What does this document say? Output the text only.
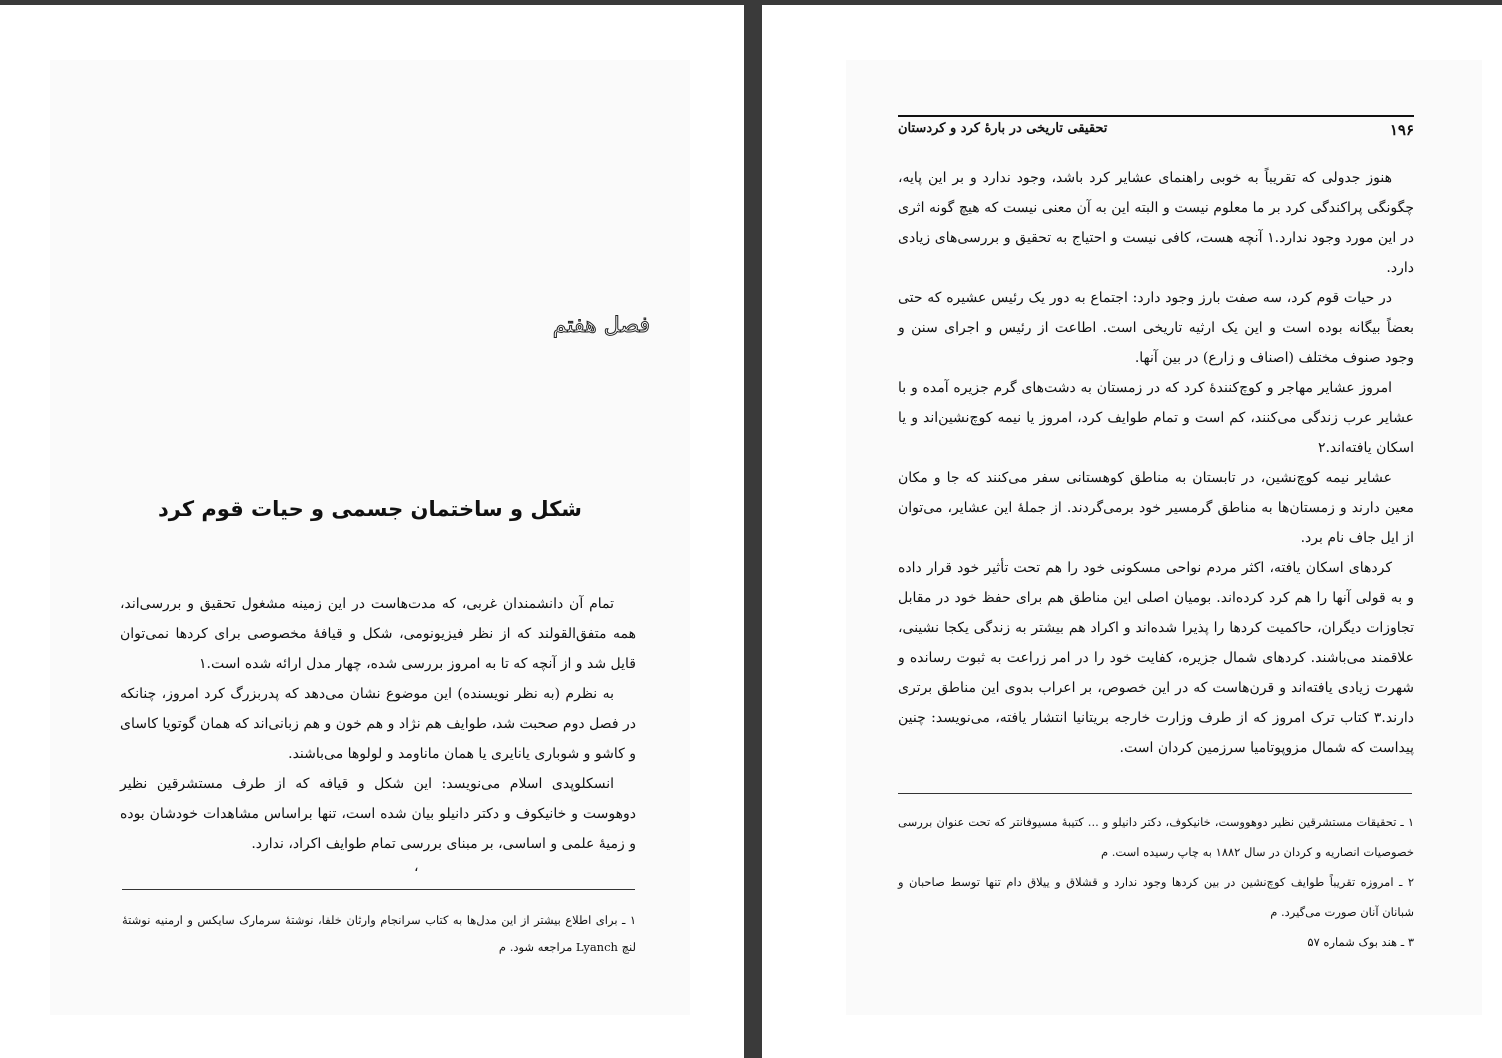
فصل هفتم
شکل و ساختمان جسمی و حیات قوم کرد

تمام آن دانشمندان غربی، که مدت‌هاست در این زمینه مشغول تحقیق و بررسی‌اند، همه متفق‌القولند که از نظر فیزیونومی، شکل و قیافهٔ مخصوصی برای کردها نمی‌توان قایل شد و از آنچه که تا به امروز بررسی شده، چهار مدل ارائه شده است.۱

به نظرم (به نظر نویسنده) این موضوع نشان می‌دهد که پدربزرگ کرد امروز، چنانکه در فصل دوم صحبت شد، طوایف هم نژاد و هم خون و هم زبانی‌اند که همان گوتویا کاسای و کاشو و شوباری یانایری یا همان ماناومد و لولوها می‌باشند.

انسکلوپدی اسلام می‌نویسد: این شکل و قیافه که از طرف مستشرقین نظیر دوهوست و خانیکوف و دکتر دانیلو بیان شده است، تنها براساس مشاهدات خودشان بوده و زمیهٔ علمی و اساسی، بر مبنای بررسی تمام طوایف اکراد، ندارد.

،

۱ ـ برای اطلاع بیشتر از این مدل‌ها به کتاب سرانجام وارثان خلفا، نوشتهٔ سرمارک سایکس و ارمنیه نوشتهٔ لنچ Lyanch مراجعه شود. م

۱۹۶
تحقیقی تاریخی در بارهٔ کرد و کردستان

هنوز جدولی که تقریباً به خوبی راهنمای عشایر کرد باشد، وجود ندارد و بر این پایه، چگونگی پراکندگی کرد بر ما معلوم نیست و البته این به آن معنی نیست که هیچ گونه اثری در این مورد وجود ندارد.۱ آنچه هست، کافی نیست و احتیاج به تحقیق و بررسی‌های زیادی دارد.

در حیات قوم کرد، سه صفت بارز وجود دارد: اجتماع به دور یک رئیس عشیره که حتی بعضاً بیگانه بوده است و این یک ارثیه تاریخی است. اطاعت از رئیس و اجرای سنن و وجود صنوف مختلف (اصناف و زارع) در بین آنها.

امروز عشایر مهاجر و کوچ‌کنندهٔ کرد که در زمستان به دشت‌های گرم جزیره آمده و با عشایر عرب زندگی می‌کنند، کم است و تمام طوایف کرد، امروز یا نیمه کوچ‌نشین‌اند و یا اسکان یافته‌اند.۲

عشایر نیمه کوچ‌نشین، در تابستان به مناطق کوهستانی سفر می‌کنند که جا و مکان معین دارند و زمستان‌ها به مناطق گرمسیر خود برمی‌گردند. از جملهٔ این عشایر، می‌توان از ایل جاف نام برد.

کردهای اسکان یافته، اکثر مردم نواحی مسکونی خود را هم تحت تأثیر خود قرار داده و به قولی آنها را هم کرد کرده‌اند. بومیان اصلی این مناطق هم برای حفظ خود در مقابل تجاوزات دیگران، حاکمیت کردها را پذیرا شده‌اند و اکراد هم بیشتر به زندگی یکجا نشینی، علاقمند می‌باشند. کردهای شمال جزیره، کفایت خود را در امر زراعت به ثبوت رسانده و شهرت زیادی یافته‌اند و قرن‌هاست که در این خصوص، بر اعراب بدوی این مناطق برتری دارند.۳ کتاب ترک امروز که از طرف وزارت خارجه بریتانیا انتشار یافته، می‌نویسد: چنین پیداست که شمال مزوپوتامیا سرزمین کردان است.

۱ ـ تحقیقات مستشرقین نظیر دوهووست، خانیکوف، دکتر دانیلو و ... کتیبهٔ مسیوفانتر که تحت عنوان بررسی خصوصیات انصاریه و کردان در سال ۱۸۸۲ به چاپ رسیده است. م

۲ ـ امروزه تقریباً طوایف کوچ‌نشین در بین کردها وجود ندارد و قشلاق و ییلاق دام تنها توسط صاحبان و شبانان آنان صورت می‌گیرد. م

۳ ـ هند بوک شماره ۵۷
